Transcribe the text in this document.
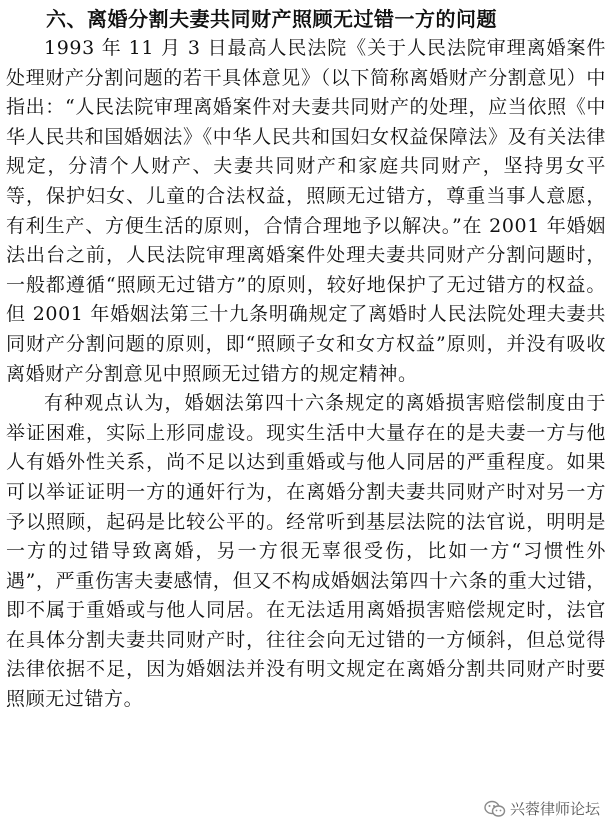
六、离婚分割夫妻共同财产照顾无过错一方的问题

1993 年 11 月 3 日最高人民法院《关于人民法院审理离婚案件处理财产分割问题的若干具体意见》（以下简称离婚财产分割意见）中指出：“人民法院审理离婚案件对夫妻共同财产的处理，应当依照《中华人民共和国婚姻法》《中华人民共和国妇女权益保障法》及有关法律规定，分清个人财产、夫妻共同财产和家庭共同财产，坚持男女平等，保护妇女、儿童的合法权益，照顾无过错方，尊重当事人意愿，有利生产、方便生活的原则，合情合理地予以解决。”在 2001 年婚姻法出台之前，人民法院审理离婚案件处理夫妻共同财产分割问题时，一般都遵循“照顾无过错方”的原则，较好地保护了无过错方的权益。但 2001 年婚姻法第三十九条明确规定了离婚时人民法院处理夫妻共同财产分割问题的原则，即“照顾子女和女方权益”原则，并没有吸收离婚财产分割意见中照顾无过错方的规定精神。

有种观点认为，婚姻法第四十六条规定的离婚损害赔偿制度由于举证困难，实际上形同虚设。现实生活中大量存在的是夫妻一方与他人有婚外性关系，尚不足以达到重婚或与他人同居的严重程度。如果可以举证证明一方的通奸行为，在离婚分割夫妻共同财产时对另一方予以照顾，起码是比较公平的。经常听到基层法院的法官说，明明是一方的过错导致离婚，另一方很无辜很受伤，比如一方“习惯性外遇”，严重伤害夫妻感情，但又不构成婚姻法第四十六条的重大过错，即不属于重婚或与他人同居。在无法适用离婚损害赔偿规定时，法官在具体分割夫妻共同财产时，往往会向无过错的一方倾斜，但总觉得法律依据不足，因为婚姻法并没有明文规定在离婚分割共同财产时要照顾无过错方。

兴蓉律师论坛
